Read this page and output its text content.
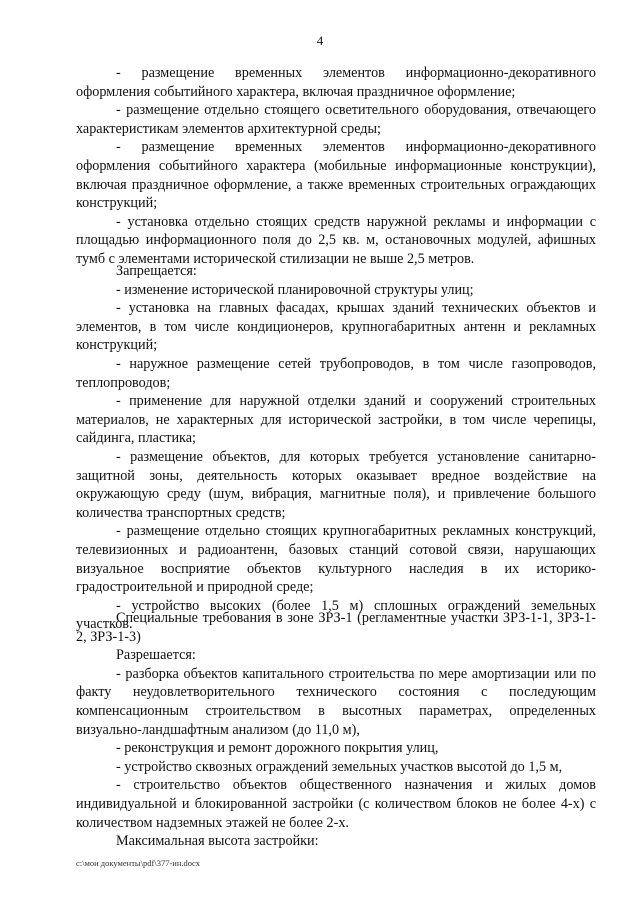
4

- размещение временных элементов информационно-декоративного оформления событийного характера, включая праздничное оформление;

- размещение отдельно стоящего осветительного оборудования, отвечающего характеристикам элементов архитектурной среды;

- размещение временных элементов информационно-декоративного оформления событийного характера (мобильные информационные конструкции), включая праздничное оформление, а также временных строительных ограждающих конструкций;

- установка отдельно стоящих средств наружной рекламы и информации с площадью информационного поля до 2,5 кв. м, остановочных модулей, афишных тумб с элементами исторической стилизации не выше 2,5 метров.

Запрещается:

- изменение исторической планировочной структуры улиц;

- установка на главных фасадах, крышах зданий технических объектов и элементов, в том числе кондиционеров, крупногабаритных антенн и рекламных конструкций;

- наружное размещение сетей трубопроводов, в том числе газопроводов, теплопроводов;

- применение для наружной отделки зданий и сооружений строительных материалов, не характерных для исторической застройки, в том числе черепицы, сайдинга, пластика;

- размещение объектов, для которых требуется установление санитарно-защитной зоны, деятельность которых оказывает вредное воздействие на окружающую среду (шум, вибрация, магнитные поля), и привлечение большого количества транспортных средств;

- размещение отдельно стоящих крупногабаритных рекламных конструкций, телевизионных и радиоантенн, базовых станций сотовой связи, нарушающих визуальное восприятие объектов культурного наследия в их историко-градостроительной и природной среде;

- устройство высоких (более 1,5 м) сплошных ограждений земельных участков.

Специальные требования в зоне ЗРЗ-1 (регламентные участки ЗРЗ-1-1, ЗРЗ-1-2, ЗРЗ-1-3)

Разрешается:

- разборка объектов капитального строительства по мере амортизации или по факту неудовлетворительного технического состояния с последующим компенсационным строительством в высотных параметрах, определенных визуально-ландшафтным анализом (до 11,0 м),

- реконструкция и ремонт дорожного покрытия улиц,

- устройство сквозных ограждений земельных участков высотой до 1,5 м,

- строительство объектов общественного назначения и жилых домов индивидуальной и блокированной застройки (с количеством блоков не более 4-х) с количеством надземных этажей не более 2-х.

Максимальная высота застройки:

c:\мои документы\pdf\377-ин.docx
